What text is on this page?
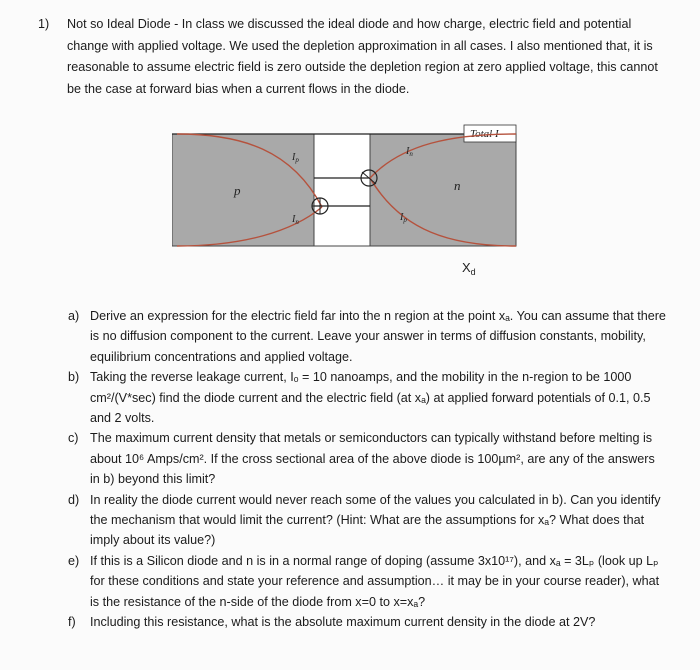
1) Not so Ideal Diode - In class we discussed the ideal diode and how charge, electric field and potential change with applied voltage. We used the depletion approximation in all cases. I also mentioned that, it is reasonable to assume electric field is zero outside the depletion region at zero applied voltage, this cannot be the case at forward bias when a current flows in the diode.
Total I
p	n
$I_p$
$I_n$
$I_n$	$I_p$
$X_d$
a) Derive an expression for the electric field far into the n region at the point xₐ. You can assume that there is no diffusion component to the current. Leave your answer in terms of diffusion constants, mobility, equilibrium concentrations and applied voltage.
b) Taking the reverse leakage current, Iₒ = 10 nanoamps, and the mobility in the n-region to be 1000 cm²/(V*sec) find the diode current and the electric field (at xₐ) at applied forward potentials of 0.1, 0.5 and 2 volts.
c) The maximum current density that metals or semiconductors can typically withstand before melting is about 10⁶ Amps/cm². If the cross sectional area of the above diode is 100µm², are any of the answers in b) beyond this limit?
d) In reality the diode current would never reach some of the values you calculated in b). Can you identify the mechanism that would limit the current? (Hint: What are the assumptions for xₐ? What does that imply about its value?)
e) If this is a Silicon diode and n is in a normal range of doping (assume 3x10¹⁷), and xₐ = 3Lₚ (look up Lₚ for these conditions and state your reference and assumption… it may be in your course reader), what is the resistance of the n-side of the diode from x=0 to x=xₐ?
f) Including this resistance, what is the absolute maximum current density in the diode at 2V?
